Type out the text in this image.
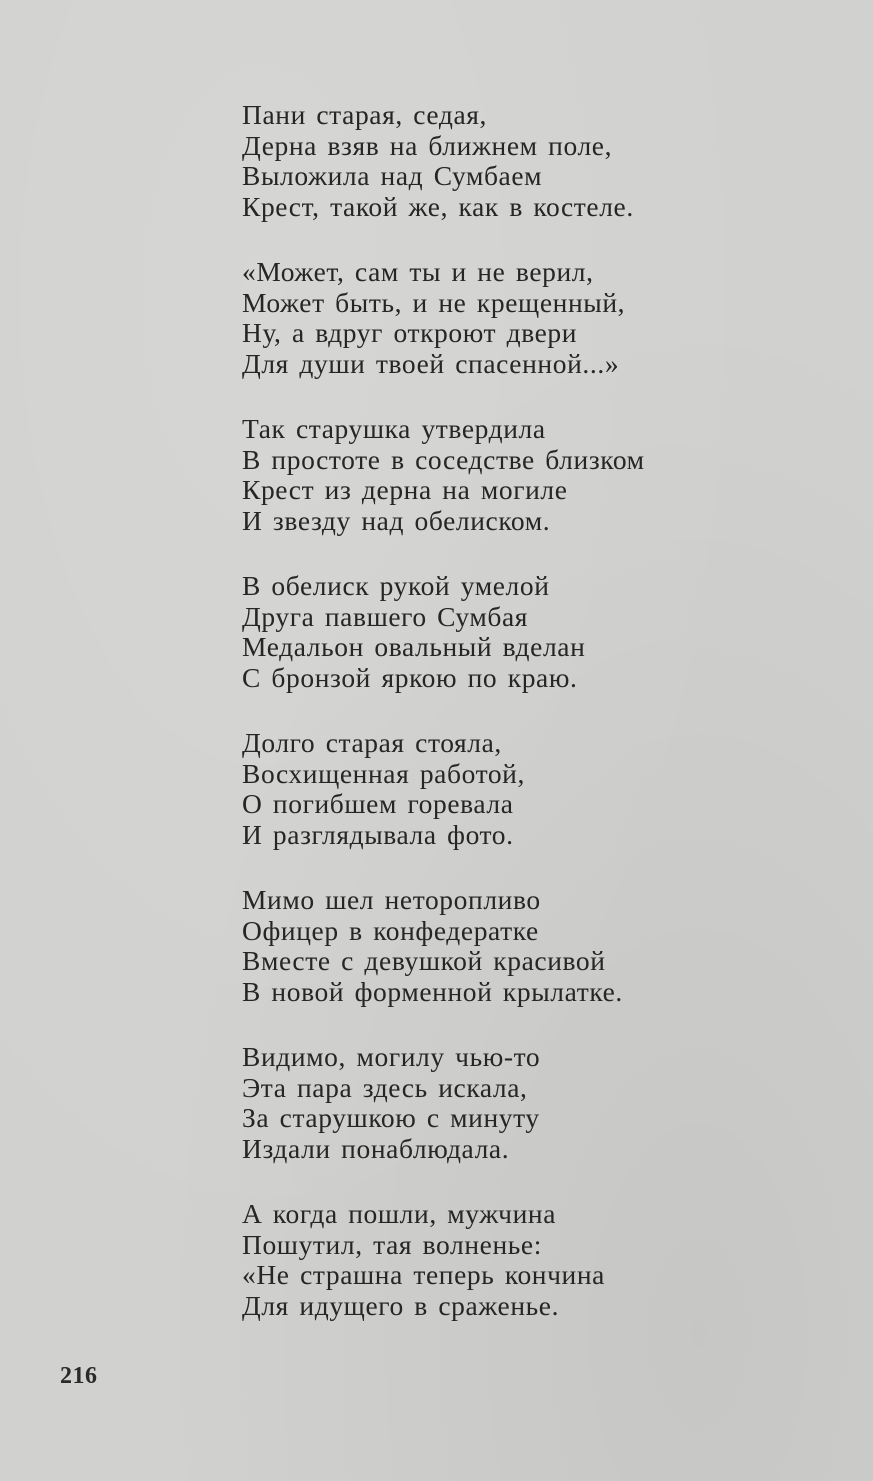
Пани старая, седая,
Дерна взяв на ближнем поле,
Выложила над Сумбаем
Крест, такой же, как в костеле.
«Может, сам ты и не верил,
Может быть, и не крещенный,
Ну, а вдруг откроют двери
Для души твоей спасенной...»
Так старушка утвердила
В простоте в соседстве близком
Крест из дерна на могиле
И звезду над обелиском.
В обелиск рукой умелой
Друга павшего Сумбая
Медальон овальный вделан
С бронзой яркою по краю.
Долго старая стояла,
Восхищенная работой,
О погибшем горевала
И разглядывала фото.
Мимо шел неторопливо
Офицер в конфедератке
Вместе с девушкой красивой
В новой форменной крылатке.
Видимо, могилу чью-то
Эта пара здесь искала,
За старушкою с минуту
Издали понаблюдала.
А когда пошли, мужчина
Пошутил, тая волненье:
«Не страшна теперь кончина
Для идущего в сраженье.
216
